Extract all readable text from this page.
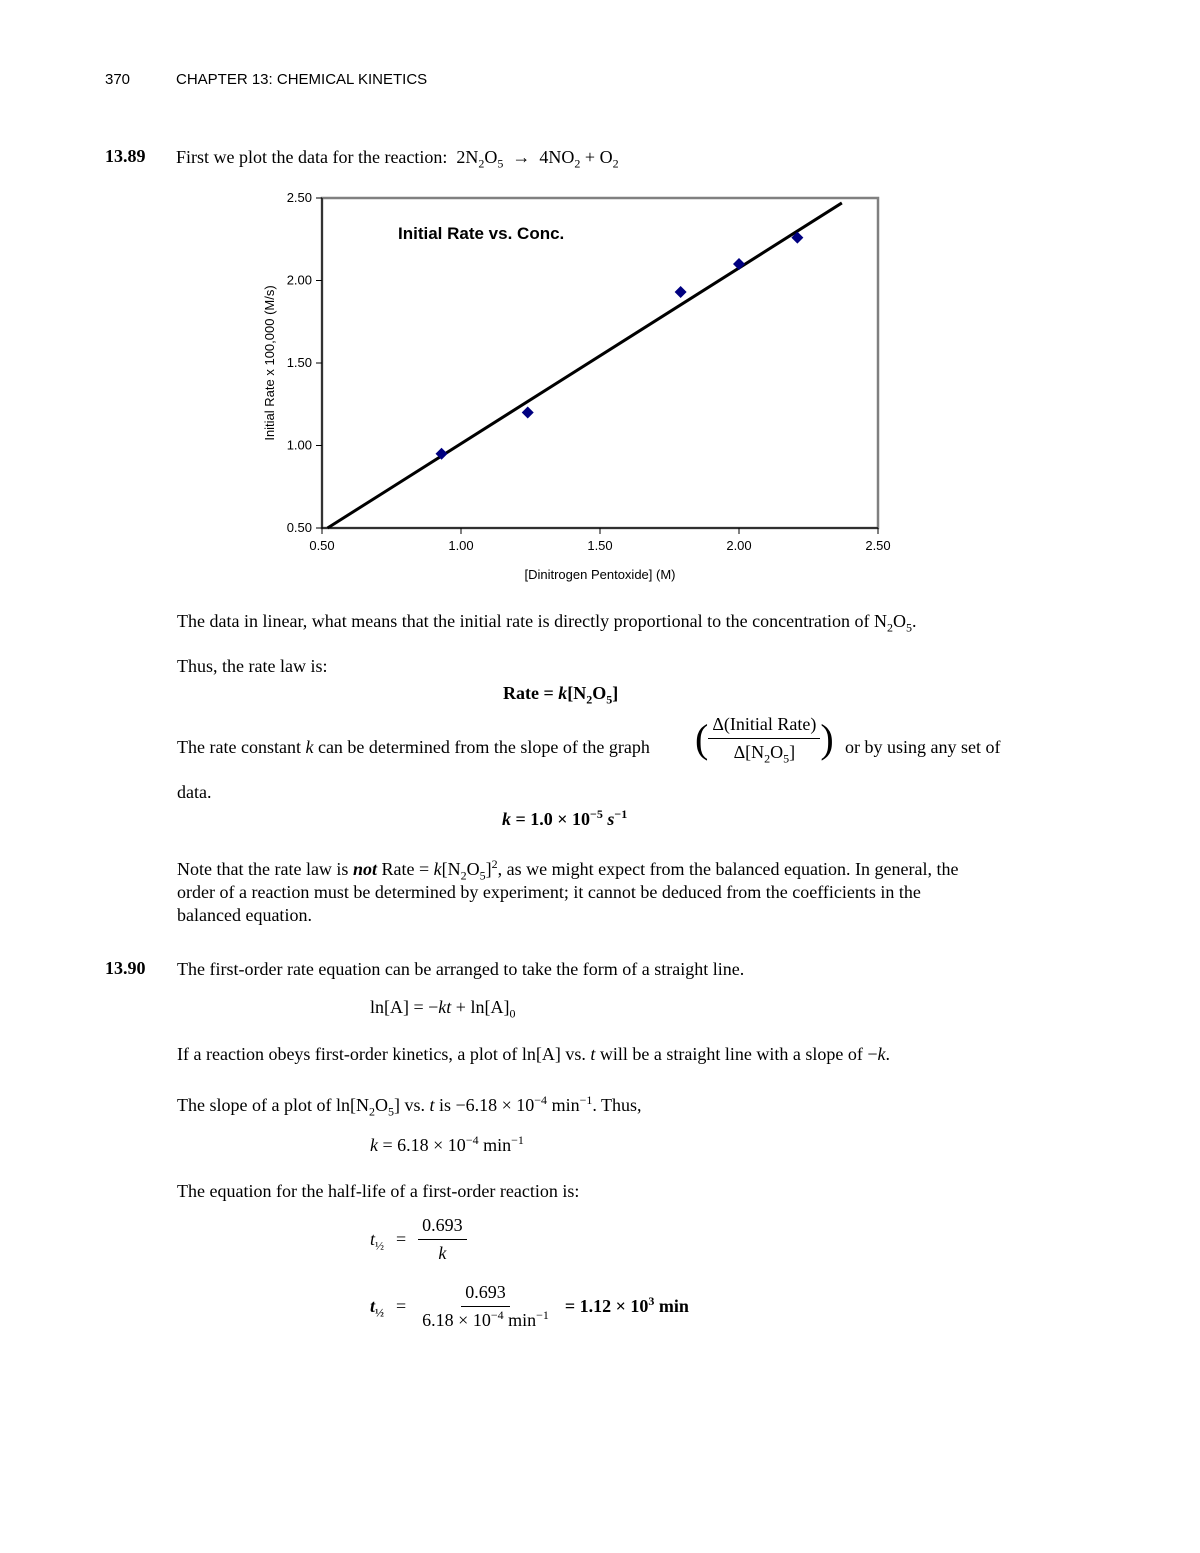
370	CHAPTER 13: CHEMICAL KINETICS
13.89 First we plot the data for the reaction: $2N_2O_5 \to 4NO_2 + O_2$
0.50	1.00	1.50	2.00	2.50
0.50
1.00
1.50
2.00
2.50
Initial Rate vs. Conc.
[Dinitrogen Pentoxide] (M)
Initial Rate x 100,000 (M/s)
The data in linear, what means that the initial rate is directly proportional to the concentration of $N_2O_5$.
Thus, the rate law is:
Rate = $k[N_2O_5]$
The rate constant k can be determined from the slope of the graph ( $\frac{\text{Δ(Initial Rate)}}{\Delta[N_2O_5]}$ ) or by using any set of
data.
$k = 1.0 \times 10^{-5}$ $s^{-1}$
Note that the rate law is not Rate = $k[N_2O_5]^2$, as we might expect from the balanced equation. In general, the
order of a reaction must be determined by experiment; it cannot be deduced from the coefficients in the
balanced equation.
13.90 The first-order rate equation can be arranged to take the form of a straight line.
$\ln[A] = -kt + \ln[A]_0$
If a reaction obeys first-order kinetics, a plot of ln[A] vs. t will be a straight line with a slope of −k.
The slope of a plot of $\ln[N_2O_5]$ vs. t is $-6.18 \times 10^{-4}$ $\min^{-1}$. Thus,
$k = 6.18 \times 10^{-4}$ $\min^{-1}$
The equation for the half-life of a first-order reaction is:
$t_{\frac{1}{2}} = \frac{0.693}{k}$
$t_{\frac{1}{2}} = \frac{0.693}{6.18 \times 10^{-4} \min^{-1}} = 1.12 \times 10^3$ min
